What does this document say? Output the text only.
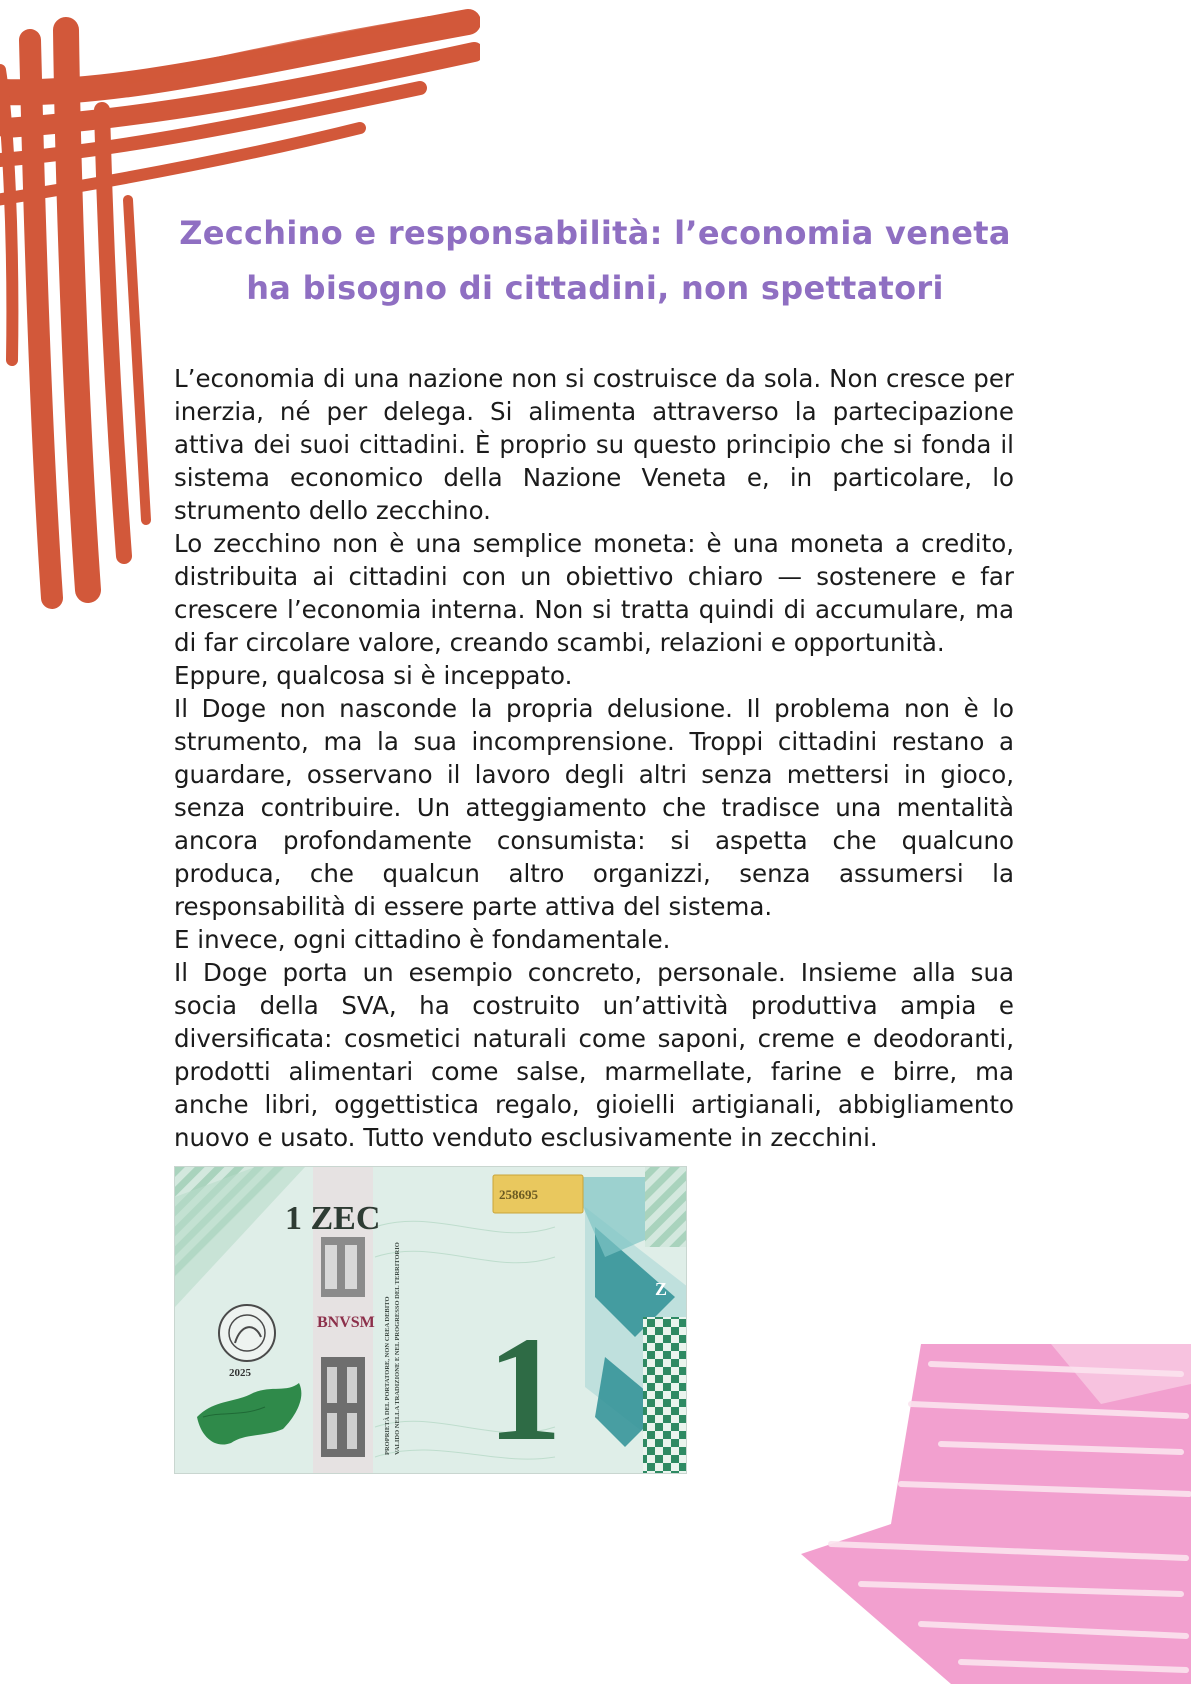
Zecchino e responsabilità: l’economia veneta ha bisogno di cittadini, non spettatori

L’economia di una nazione non si costruisce da sola. Non cresce per inerzia, né per delega. Si alimenta attraverso la partecipazione attiva dei suoi cittadini. È proprio su questo principio che si fonda il sistema economico della Nazione Veneta e, in particolare, lo strumento dello zecchino.

Lo zecchino non è una semplice moneta: è una moneta a credito, distribuita ai cittadini con un obiettivo chiaro — sostenere e far crescere l’economia interna. Non si tratta quindi di accumulare, ma di far circolare valore, creando scambi, relazioni e opportunità.

Eppure, qualcosa si è inceppato.

Il Doge non nasconde la propria delusione. Il problema non è lo strumento, ma la sua incomprensione. Troppi cittadini restano a guardare, osservano il lavoro degli altri senza mettersi in gioco, senza contribuire. Un atteggiamento che tradisce una mentalità ancora profondamente consumista: si aspetta che qualcuno produca, che qualcun altro organizzi, senza assumersi la responsabilità di essere parte attiva del sistema.

E invece, ogni cittadino è fondamentale.

Il Doge porta un esempio concreto, personale. Insieme alla sua socia della SVA, ha costruito un’attività produttiva ampia e diversificata: cosmetici naturali come saponi, creme e deodoranti, prodotti alimentari come salse, marmellate, farine e birre, ma anche libri, oggettistica regalo, gioielli artigianali, abbigliamento nuovo e usato. Tutto venduto esclusivamente in zecchini.

1 ZEC
BNVSM
2025
258695
1
Z
PROPRIETÀ DEL PORTATORE, NON CREA DEBITO VALIDO NELLA TRADIZIONE E NEL PROGRESSO DEL TERRITORIO
